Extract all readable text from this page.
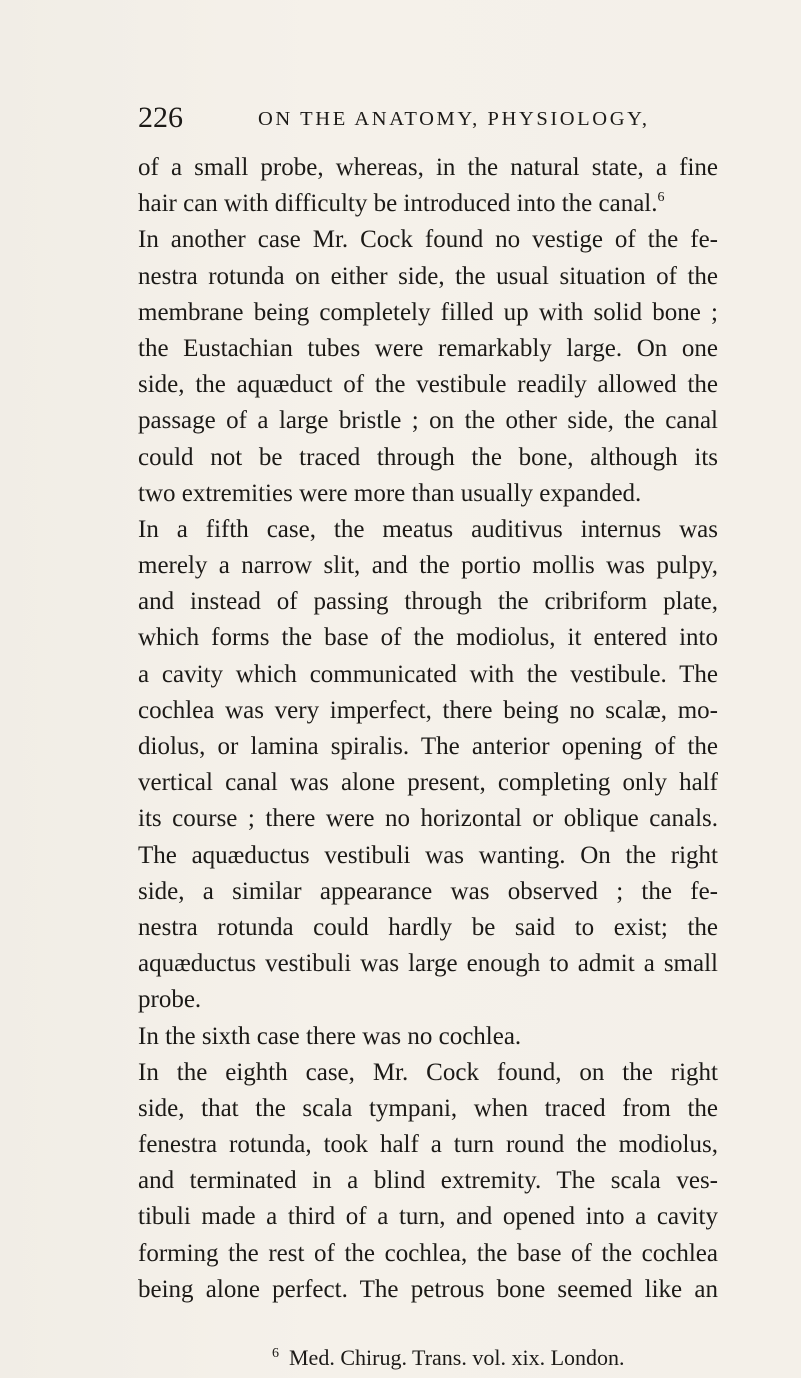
226	ON THE ANATOMY, PHYSIOLOGY,
of a small probe, whereas, in the natural state, a fine
hair can with difficulty be introduced into the canal.$^6$
In another case Mr. Cock found no vestige of the fe-
nestra rotunda on either side, the usual situation of the
membrane being completely filled up with solid bone ;
the Eustachian tubes were remarkably large. On one
side, the aquæduct of the vestibule readily allowed the
passage of a large bristle ; on the other side, the canal
could not be traced through the bone, although its
two extremities were more than usually expanded.
In a fifth case, the meatus auditivus internus was
merely a narrow slit, and the portio mollis was pulpy,
and instead of passing through the cribriform plate,
which forms the base of the modiolus, it entered into
a cavity which communicated with the vestibule. The
cochlea was very imperfect, there being no scalæ, mo-
diolus, or lamina spiralis. The anterior opening of the
vertical canal was alone present, completing only half
its course ; there were no horizontal or oblique canals.
The aquæductus vestibuli was wanting. On the right
side, a similar appearance was observed ; the fe-
nestra rotunda could hardly be said to exist; the
aquæductus vestibuli was large enough to admit a small
probe.
In the sixth case there was no cochlea.
In the eighth case, Mr. Cock found, on the right
side, that the scala tympani, when traced from the
fenestra rotunda, took half a turn round the modiolus,
and terminated in a blind extremity. The scala ves-
tibuli made a third of a turn, and opened into a cavity
forming the rest of the cochlea, the base of the cochlea
being alone perfect. The petrous bone seemed like an
$^6$ Med. Chirug. Trans. vol. xix. London.
